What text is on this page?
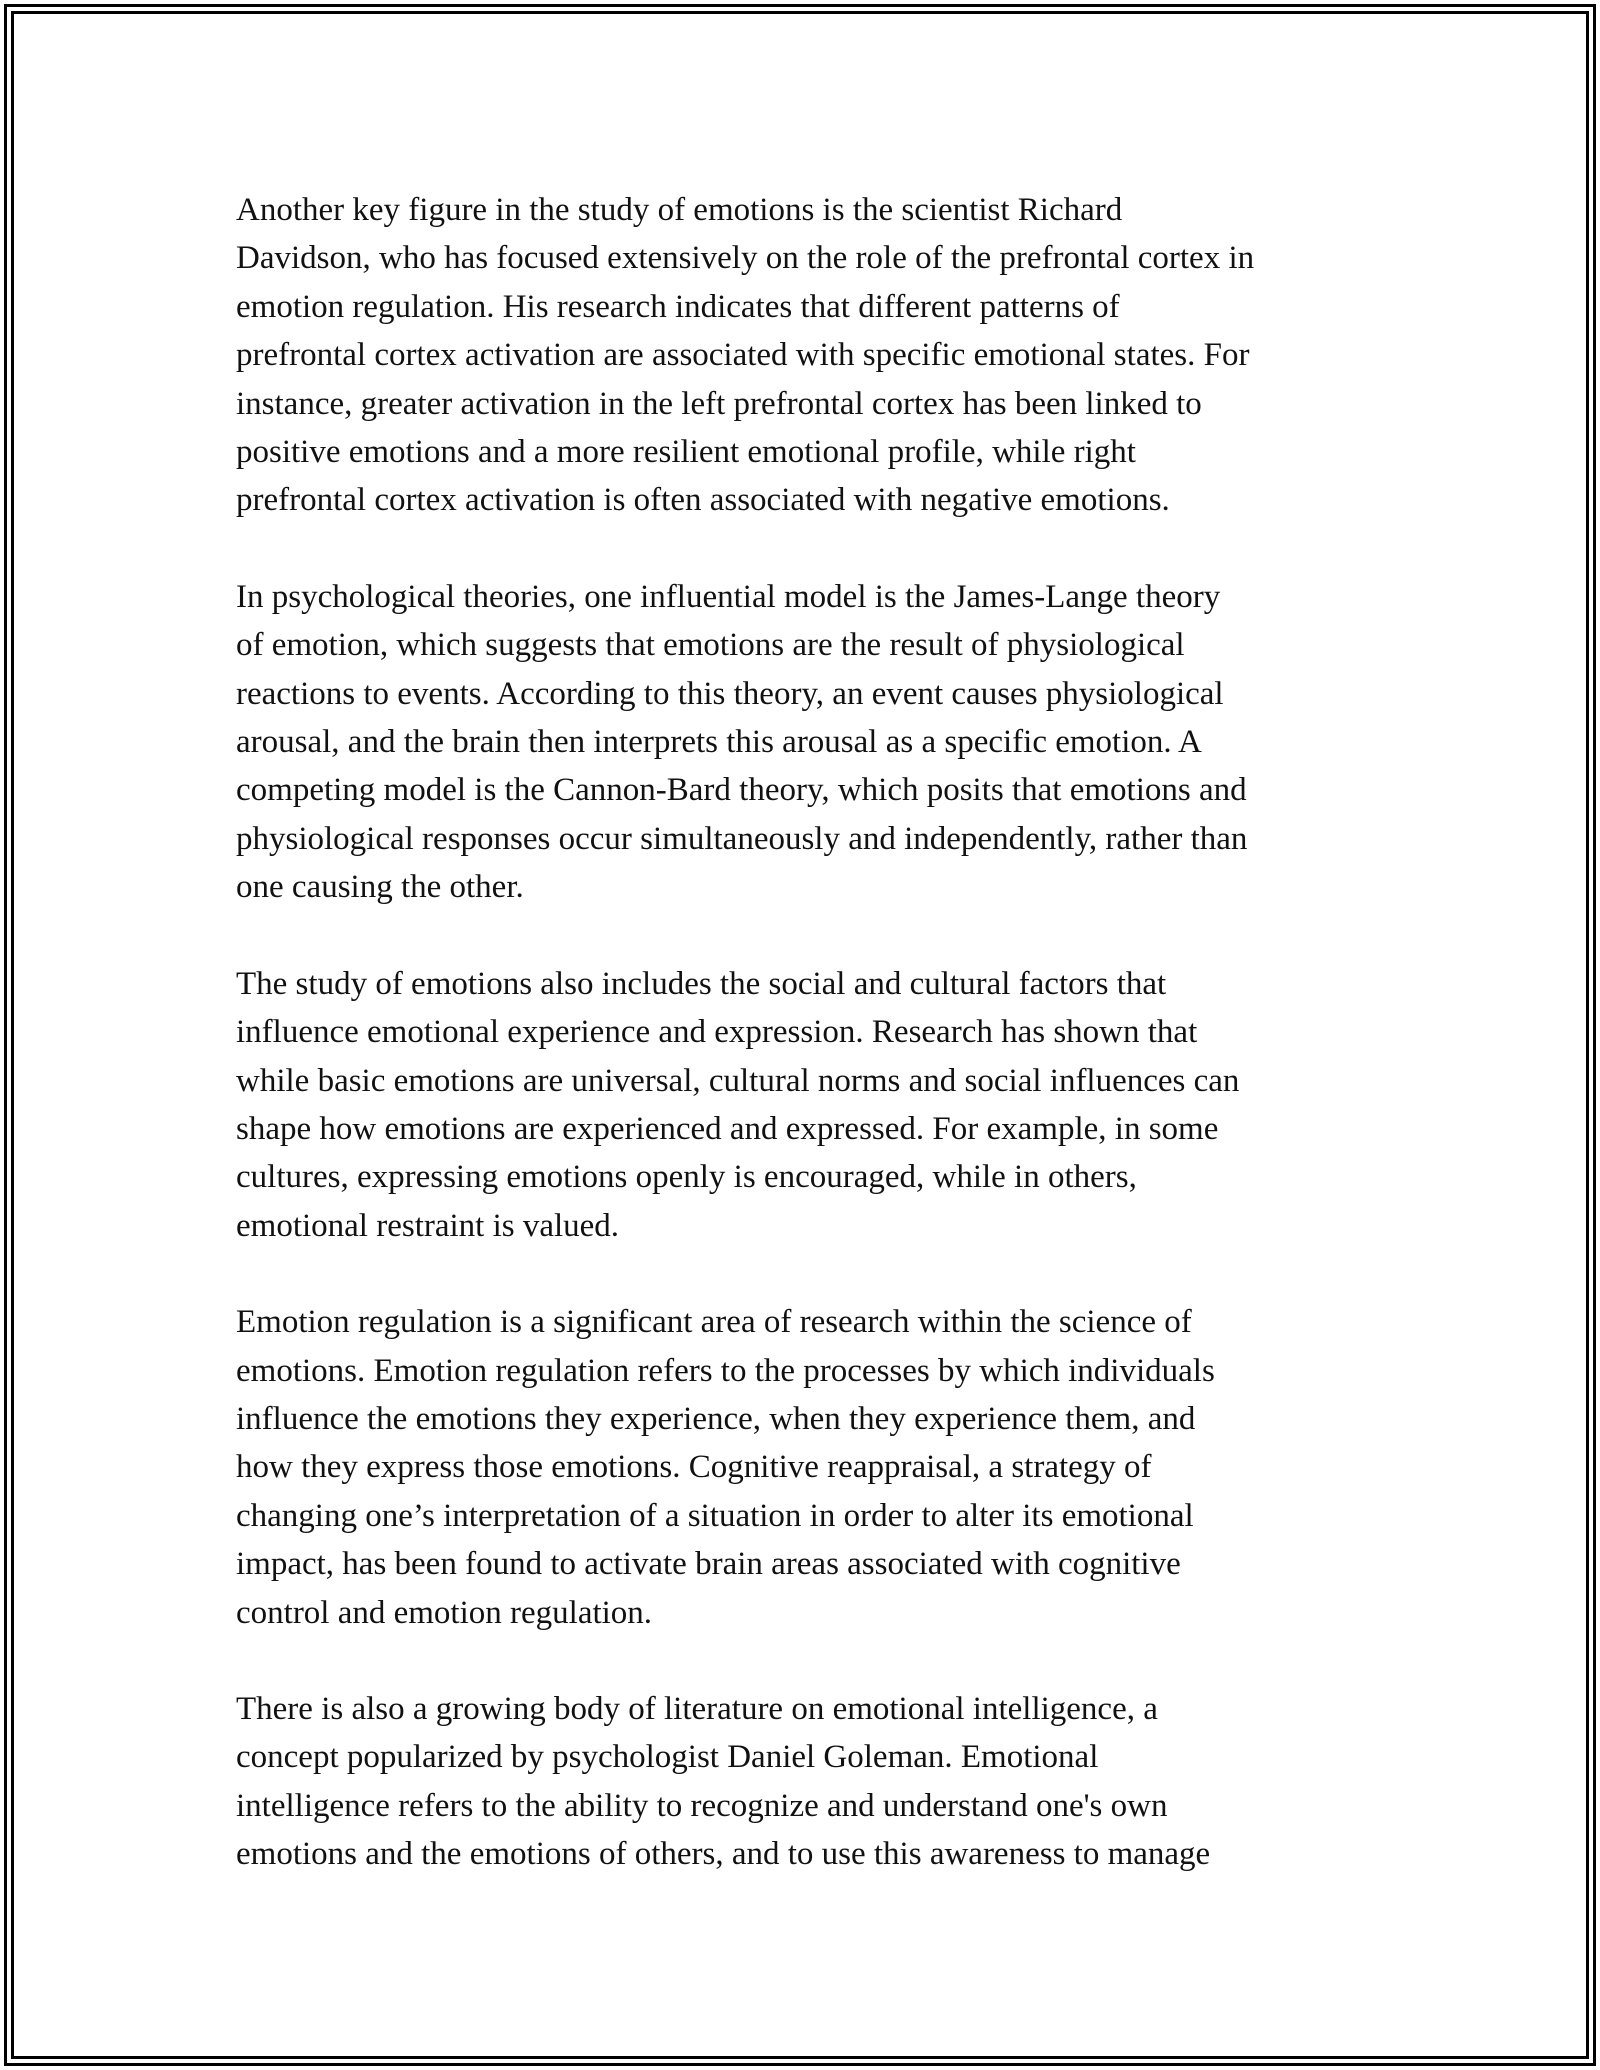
Another key figure in the study of emotions is the scientist Richard
Davidson, who has focused extensively on the role of the prefrontal cortex in
emotion regulation. His research indicates that different patterns of
prefrontal cortex activation are associated with specific emotional states. For
instance, greater activation in the left prefrontal cortex has been linked to
positive emotions and a more resilient emotional profile, while right
prefrontal cortex activation is often associated with negative emotions.

In psychological theories, one influential model is the James-Lange theory
of emotion, which suggests that emotions are the result of physiological
reactions to events. According to this theory, an event causes physiological
arousal, and the brain then interprets this arousal as a specific emotion. A
competing model is the Cannon-Bard theory, which posits that emotions and
physiological responses occur simultaneously and independently, rather than
one causing the other.

The study of emotions also includes the social and cultural factors that
influence emotional experience and expression. Research has shown that
while basic emotions are universal, cultural norms and social influences can
shape how emotions are experienced and expressed. For example, in some
cultures, expressing emotions openly is encouraged, while in others,
emotional restraint is valued.

Emotion regulation is a significant area of research within the science of
emotions. Emotion regulation refers to the processes by which individuals
influence the emotions they experience, when they experience them, and
how they express those emotions. Cognitive reappraisal, a strategy of
changing one’s interpretation of a situation in order to alter its emotional
impact, has been found to activate brain areas associated with cognitive
control and emotion regulation.

There is also a growing body of literature on emotional intelligence, a
concept popularized by psychologist Daniel Goleman. Emotional
intelligence refers to the ability to recognize and understand one's own
emotions and the emotions of others, and to use this awareness to manage
